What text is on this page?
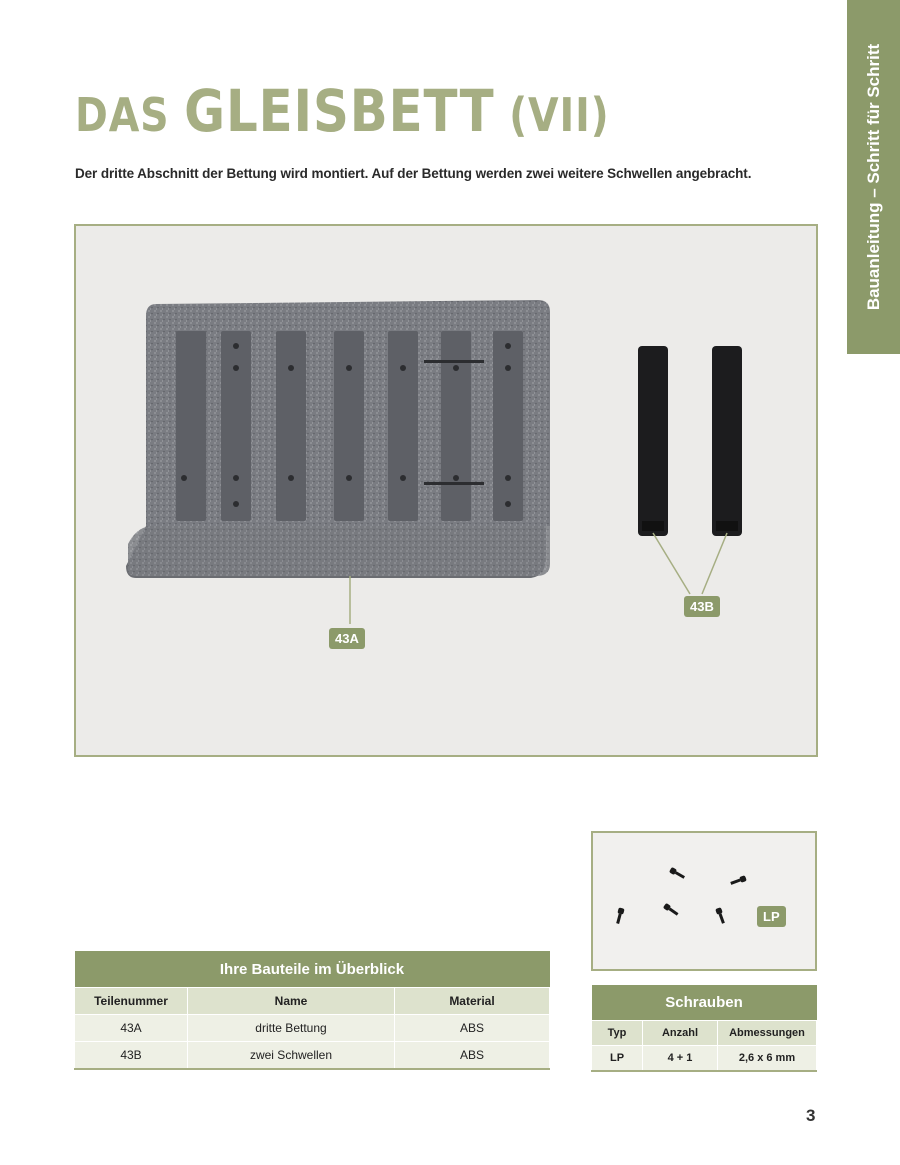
Bauanleitung – Schritt für Schritt
DAS GLEISBETT (VII)

Der dritte Abschnitt der Bettung wird montiert. Auf der Bettung werden zwei weitere Schwellen angebracht.

43A
43B
LP
Ihre Bauteile im Überblick		
Teilenummer	Name	Material
43A	dritte Bettung	ABS
43B	zwei Schwellen	ABS
Schrauben		
Typ	Anzahl	Abmessungen
LP	4 + 1	2,6 x 6 mm
3
